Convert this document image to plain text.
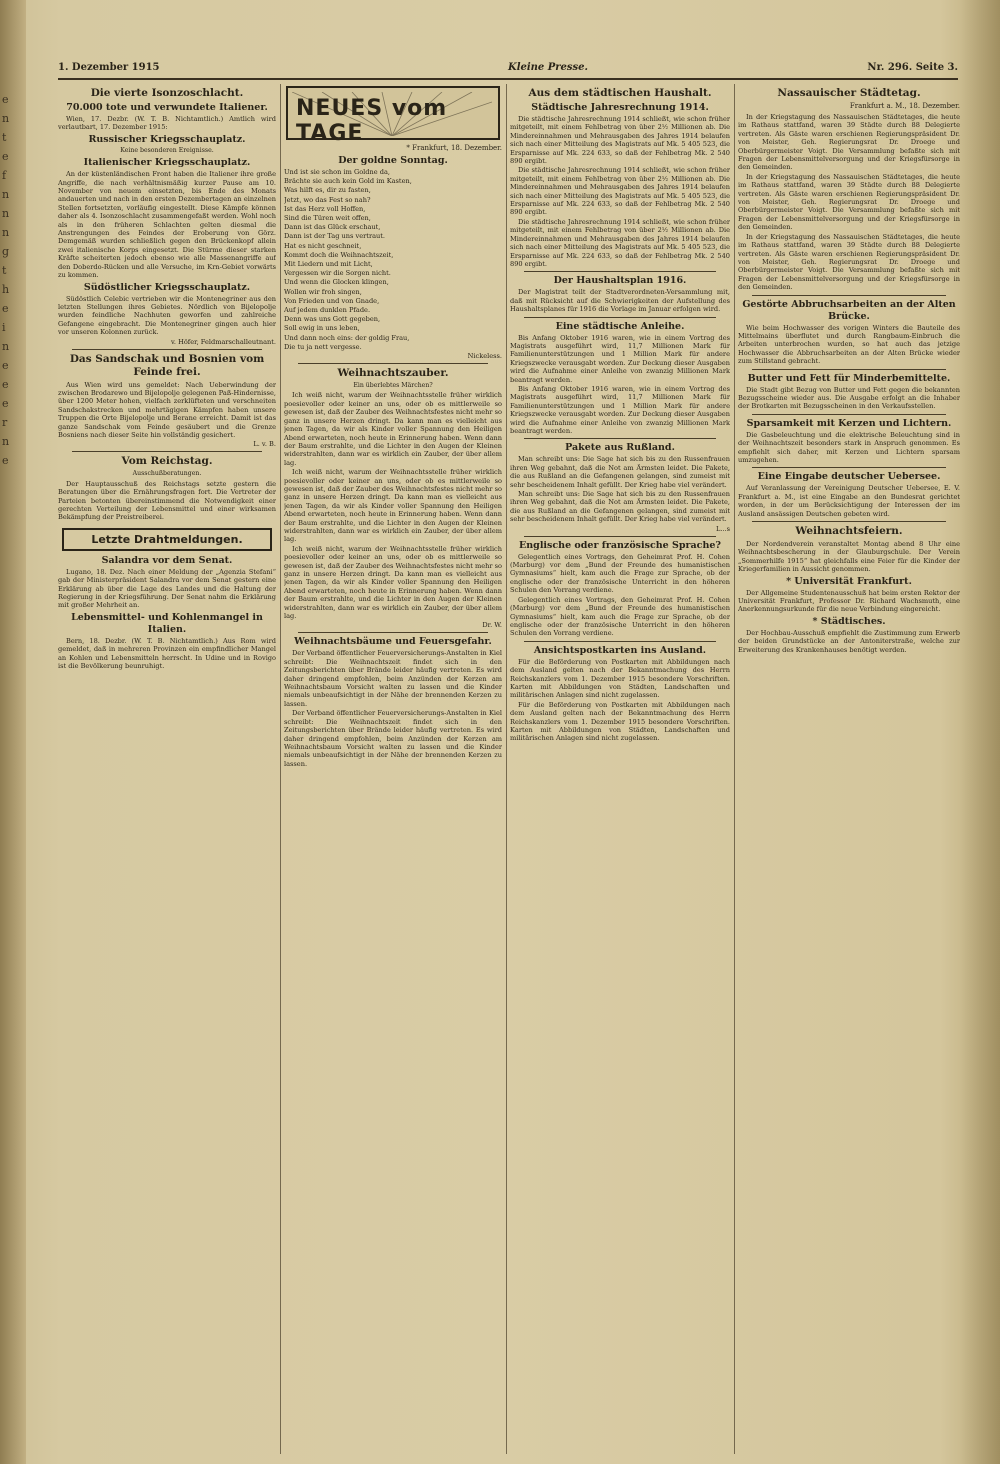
e
n
t
e
f
n
n
n
g
t
h
e
i
n
e
e
e
r
n
e
1. Dezember 1915	Kleine Presse.	Nr. 296. Seite 3.
Die vierte Isonzoschlacht.
70.000 tote und verwundete Italiener.

Wien, 17. Dezbr. (W. T. B. Nichtamtlich.) Amtlich wird verlautbart, 17. Dezember 1915:

Russischer Kriegsschauplatz.

Keine besonderen Ereignisse.

Italienischer Kriegsschauplatz.

An der küstenländischen Front haben die Italiener ihre große Angriffe, die nach verhältnismäßig kurzer Pause am 10. November von neuem einsetzten, bis Ende des Monats andauerten und nach in den ersten Dezembertagen an einzelnen Stellen fortsetzten, vorläufig eingestellt. Diese Kämpfe können daher als 4. Isonzoschlacht zusammengefaßt werden. Wohl noch als in den früheren Schlachten gelten diesmal die Anstrengungen des Feindes der Eroberung von Görz. Demgemäß wurden schließlich gegen den Brückenkopf allein zwei italienische Korps eingesetzt. Die Stürme dieser starken Kräfte scheiterten jedoch ebenso wie alle Massenangriffe auf den Doberdo-Rücken und alle Versuche, im Krn-Gebiet vorwärts zu kommen.

Südöstlicher Kriegsschauplatz.

Südöstlich Celebic vertrieben wir die Montenegriner aus den letzten Stellungen ihres Gebietes. Nördlich von Bijelopolje wurden feindliche Nachhuten geworfen und zahlreiche Gefangene eingebracht. Die Montenegriner gingen auch hier vor unseren Kolonnen zurück.

v. Höfer, Feldmarschalleutnant.
Das Sandschak und Bosnien vom Feinde frei.

Aus Wien wird uns gemeldet: Nach Ueberwindung der zwischen Brodarewo und Bijelopolje gelegenen Paß-Hindernisse, über 1200 Meter hohen, vielfach zerklüfteten und verschneiten Sandschakstrecken und mehrtägigen Kämpfen haben unsere Truppen die Orte Bijelopolje und Berane erreicht. Damit ist das ganze Sandschak vom Feinde gesäubert und die Grenze Bosniens nach dieser Seite hin vollständig gesichert.

L. v. B.
Vom Reichstag.

Ausschußberatungen.

Der Hauptausschuß des Reichstags setzte gestern die Beratungen über die Ernährungsfragen fort. Die Vertreter der Parteien betonten übereinstimmend die Notwendigkeit einer gerechten Verteilung der Lebensmittel und einer wirksamen Bekämpfung der Preistreiberei.

Letzte Drahtmeldungen.
Salandra vor dem Senat.

Lugano, 18. Dez. Nach einer Meldung der „Agenzia Stefani“ gab der Ministerpräsident Salandra vor dem Senat gestern eine Erklärung ab über die Lage des Landes und die Haltung der Regierung in der Kriegsführung. Der Senat nahm die Erklärung mit großer Mehrheit an.

Lebensmittel- und Kohlenmangel in Italien.

Bern, 18. Dezbr. (W. T. B. Nichtamtlich.) Aus Rom wird gemeldet, daß in mehreren Provinzen ein empfindlicher Mangel an Kohlen und Lebensmitteln herrscht. In Udine und in Rovigo ist die Bevölkerung beunruhigt.

NEUES vom TAGE
* Frankfurt, 18. Dezember.
Der goldne Sonntag.

Und ist sie schon im Goldne da,

Brächte sie auch kein Gold im Kasten,

Was hilft es, dir zu fasten,

Jetzt, wo das Fest so nah?

Ist das Herz voll Hoffen,

Sind die Türen weit offen,

Dann ist das Glück erschaut,

Dann ist der Tag uns vertraut.

Hat es nicht geschneit,

Kommt doch die Weihnachtszeit,

Mit Liedern und mit Licht,

Vergessen wir die Sorgen nicht.

Und wenn die Glocken klingen,

Wollen wir froh singen,

Von Frieden und von Gnade,

Auf jedem dunklen Pfade.

Denn was uns Gott gegeben,

Soll ewig in uns leben,

Und dann noch eins: der goldig Frau,

Die tu ja nett vergesse.

Nickeless.
Weihnachtszauber.

Ein überlebtes Märchen?

Ich weiß nicht, warum der Weihnachtsstelle früher wirklich poesievoller oder keiner an uns, oder ob es mittlerweile so gewesen ist, daß der Zauber des Weihnachtsfestes nicht mehr so ganz in unsere Herzen dringt. Da kann man es vielleicht aus jenen Tagen, da wir als Kinder voller Spannung den Heiligen Abend erwarteten, noch heute in Erinnerung haben. Wenn dann der Baum erstrahlte, und die Lichter in den Augen der Kleinen widerstrahlten, dann war es wirklich ein Zauber, der über allem lag.

Ich weiß nicht, warum der Weihnachtsstelle früher wirklich poesievoller oder keiner an uns, oder ob es mittlerweile so gewesen ist, daß der Zauber des Weihnachtsfestes nicht mehr so ganz in unsere Herzen dringt. Da kann man es vielleicht aus jenen Tagen, da wir als Kinder voller Spannung den Heiligen Abend erwarteten, noch heute in Erinnerung haben. Wenn dann der Baum erstrahlte, und die Lichter in den Augen der Kleinen widerstrahlten, dann war es wirklich ein Zauber, der über allem lag.

Ich weiß nicht, warum der Weihnachtsstelle früher wirklich poesievoller oder keiner an uns, oder ob es mittlerweile so gewesen ist, daß der Zauber des Weihnachtsfestes nicht mehr so ganz in unsere Herzen dringt. Da kann man es vielleicht aus jenen Tagen, da wir als Kinder voller Spannung den Heiligen Abend erwarteten, noch heute in Erinnerung haben. Wenn dann der Baum erstrahlte, und die Lichter in den Augen der Kleinen widerstrahlten, dann war es wirklich ein Zauber, der über allem lag.

Dr. W.
Weihnachtsbäume und Feuersgefahr.

Der Verband öffentlicher Feuerversicherungs-Anstalten in Kiel schreibt: Die Weihnachtszeit findet sich in den Zeitungsberichten über Brände leider häufig vertreten. Es wird daher dringend empfohlen, beim Anzünden der Kerzen am Weihnachtsbaum Vorsicht walten zu lassen und die Kinder niemals unbeaufsichtigt in der Nähe der brennenden Kerzen zu lassen.

Der Verband öffentlicher Feuerversicherungs-Anstalten in Kiel schreibt: Die Weihnachtszeit findet sich in den Zeitungsberichten über Brände leider häufig vertreten. Es wird daher dringend empfohlen, beim Anzünden der Kerzen am Weihnachtsbaum Vorsicht walten zu lassen und die Kinder niemals unbeaufsichtigt in der Nähe der brennenden Kerzen zu lassen.

Aus dem städtischen Haushalt.
Städtische Jahresrechnung 1914.

Die städtische Jahresrechnung 1914 schließt, wie schon früher mitgeteilt, mit einem Fehlbetrag von über 2½ Millionen ab. Die Mindereinnahmen und Mehrausgaben des Jahres 1914 belaufen sich nach einer Mitteilung des Magistrats auf Mk. 5 405 523, die Ersparnisse auf Mk. 224 633, so daß der Fehlbetrag Mk. 2 540 890 ergibt.

Die städtische Jahresrechnung 1914 schließt, wie schon früher mitgeteilt, mit einem Fehlbetrag von über 2½ Millionen ab. Die Mindereinnahmen und Mehrausgaben des Jahres 1914 belaufen sich nach einer Mitteilung des Magistrats auf Mk. 5 405 523, die Ersparnisse auf Mk. 224 633, so daß der Fehlbetrag Mk. 2 540 890 ergibt.

Die städtische Jahresrechnung 1914 schließt, wie schon früher mitgeteilt, mit einem Fehlbetrag von über 2½ Millionen ab. Die Mindereinnahmen und Mehrausgaben des Jahres 1914 belaufen sich nach einer Mitteilung des Magistrats auf Mk. 5 405 523, die Ersparnisse auf Mk. 224 633, so daß der Fehlbetrag Mk. 2 540 890 ergibt.

Der Haushaltsplan 1916.

Der Magistrat teilt der Stadtverordneten-Versammlung mit, daß mit Rücksicht auf die Schwierigkeiten der Aufstellung des Haushaltsplanes für 1916 die Vorlage im Januar erfolgen wird.

Eine städtische Anleihe.

Bis Anfang Oktober 1916 waren, wie in einem Vortrag des Magistrats ausgeführt wird, 11,7 Millionen Mark für Familienunterstützungen und 1 Million Mark für andere Kriegszwecke verausgabt worden. Zur Deckung dieser Ausgaben wird die Aufnahme einer Anleihe von zwanzig Millionen Mark beantragt werden.

Bis Anfang Oktober 1916 waren, wie in einem Vortrag des Magistrats ausgeführt wird, 11,7 Millionen Mark für Familienunterstützungen und 1 Million Mark für andere Kriegszwecke verausgabt worden. Zur Deckung dieser Ausgaben wird die Aufnahme einer Anleihe von zwanzig Millionen Mark beantragt werden.

Pakete aus Rußland.

Man schreibt uns: Die Sage hat sich bis zu den Russenfrauen ihren Weg gebahnt, daß die Not am Ärmsten leidet. Die Pakete, die aus Rußland an die Gefangenen gelangen, sind zumeist mit sehr bescheidenem Inhalt gefüllt. Der Krieg habe viel verändert.

Man schreibt uns: Die Sage hat sich bis zu den Russenfrauen ihren Weg gebahnt, daß die Not am Ärmsten leidet. Die Pakete, die aus Rußland an die Gefangenen gelangen, sind zumeist mit sehr bescheidenem Inhalt gefüllt. Der Krieg habe viel verändert.

L...s
Englische oder französische Sprache?

Gelegentlich eines Vortrags, den Geheimrat Prof. H. Cohen (Marburg) vor dem „Bund der Freunde des humanistischen Gymnasiums“ hielt, kam auch die Frage zur Sprache, ob der englische oder der französische Unterricht in den höheren Schulen den Vorrang verdiene.

Gelegentlich eines Vortrags, den Geheimrat Prof. H. Cohen (Marburg) vor dem „Bund der Freunde des humanistischen Gymnasiums“ hielt, kam auch die Frage zur Sprache, ob der englische oder der französische Unterricht in den höheren Schulen den Vorrang verdiene.

Ansichtspostkarten ins Ausland.

Für die Beförderung von Postkarten mit Abbildungen nach dem Ausland gelten nach der Bekanntmachung des Herrn Reichskanzlers vom 1. Dezember 1915 besondere Vorschriften. Karten mit Abbildungen von Städten, Landschaften und militärischen Anlagen sind nicht zugelassen.

Für die Beförderung von Postkarten mit Abbildungen nach dem Ausland gelten nach der Bekanntmachung des Herrn Reichskanzlers vom 1. Dezember 1915 besondere Vorschriften. Karten mit Abbildungen von Städten, Landschaften und militärischen Anlagen sind nicht zugelassen.

Nassauischer Städtetag.
Frankfurt a. M., 18. Dezember.

In der Kriegstagung des Nassauischen Städtetages, die heute im Rathaus stattfand, waren 39 Städte durch 88 Delegierte vertreten. Als Gäste waren erschienen Regierungspräsident Dr. von Meister, Geh. Regierungsrat Dr. Droege und Oberbürgermeister Voigt. Die Versammlung befaßte sich mit Fragen der Lebensmittelversorgung und der Kriegsfürsorge in den Gemeinden.

In der Kriegstagung des Nassauischen Städtetages, die heute im Rathaus stattfand, waren 39 Städte durch 88 Delegierte vertreten. Als Gäste waren erschienen Regierungspräsident Dr. von Meister, Geh. Regierungsrat Dr. Droege und Oberbürgermeister Voigt. Die Versammlung befaßte sich mit Fragen der Lebensmittelversorgung und der Kriegsfürsorge in den Gemeinden.

In der Kriegstagung des Nassauischen Städtetages, die heute im Rathaus stattfand, waren 39 Städte durch 88 Delegierte vertreten. Als Gäste waren erschienen Regierungspräsident Dr. von Meister, Geh. Regierungsrat Dr. Droege und Oberbürgermeister Voigt. Die Versammlung befaßte sich mit Fragen der Lebensmittelversorgung und der Kriegsfürsorge in den Gemeinden.

Gestörte Abbruchsarbeiten an der Alten Brücke.

Wie beim Hochwasser des vorigen Winters die Bauteile des Mittelmains überflutet und durch Rangbaum-Einbruch die Arbeiten unterbrochen wurden, so hat auch das jetzige Hochwasser die Abbruchsarbeiten an der Alten Brücke wieder zum Stillstand gebracht.

Butter und Fett für Minderbemittelte.

Die Stadt gibt Bezug von Butter und Fett gegen die bekannten Bezugsscheine wieder aus. Die Ausgabe erfolgt an die Inhaber der Brotkarten mit Bezugsscheinen in den Verkaufsstellen.

Sparsamkeit mit Kerzen und Lichtern.

Die Gasbeleuchtung und die elektrische Beleuchtung sind in der Weihnachtszeit besonders stark in Anspruch genommen. Es empfiehlt sich daher, mit Kerzen und Lichtern sparsam umzugehen.

Eine Eingabe deutscher Uebersee.

Auf Veranlassung der Vereinigung Deutscher Uebersee, E. V. Frankfurt a. M., ist eine Eingabe an den Bundesrat gerichtet worden, in der um Berücksichtigung der Interessen der im Ausland ansässigen Deutschen gebeten wird.

Weihnachtsfeiern.

Der Nordendverein veranstaltet Montag abend 8 Uhr eine Weihnachtsbescherung in der Glauburgschule. Der Verein „Sommerhilfe 1915“ hat gleichfalls eine Feier für die Kinder der Kriegerfamilien in Aussicht genommen.

* Universität Frankfurt.

Der Allgemeine Studentenausschuß hat beim ersten Rektor der Universität Frankfurt, Professor Dr. Richard Wachsmuth, eine Anerkennungsurkunde für die neue Verbindung eingereicht.

* Städtisches.

Der Hochbau-Ausschuß empfiehlt die Zustimmung zum Erwerb der beiden Grundstücke an der Antoniterstraße, welche zur Erweiterung des Krankenhauses benötigt werden.
